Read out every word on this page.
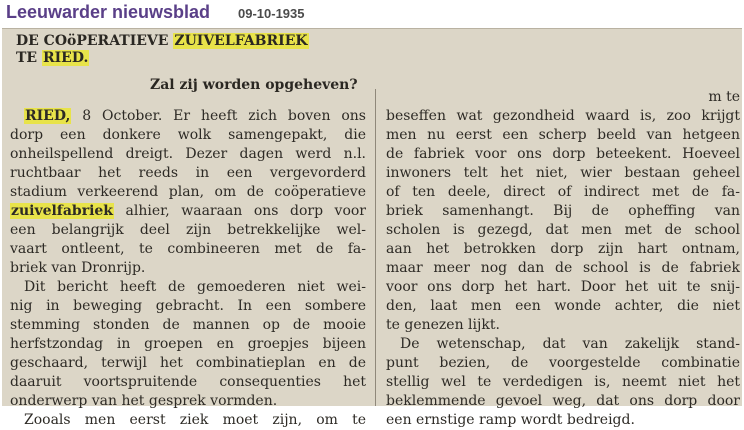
Leeuwarder nieuwsblad 09-10-1935
DE COöPERATIEVE ZUIVELFABRIEK
TE RIED.
Zal zij worden opgeheven?
RIED, 8 October. Er heeft zich boven ons
dorp een donkere wolk samengepakt, die
onheilspellend dreigt. Dezer dagen werd n.l.
ruchtbaar het reeds in een vergevorderd
stadium verkeerend plan, om de coöperatieve
zuivelfabriek alhier, waaraan ons dorp voor
een belangrijk deel zijn betrekkelijke wel-
vaart ontleent, te combineeren met de fa-
briek van Dronrijp.
Dit bericht heeft de gemoederen niet wei-
nig in beweging gebracht. In een sombere
stemming stonden de mannen op de mooie
herfstzondag in groepen en groepjes bijeen
geschaard, terwijl het combinatieplan en de
daaruit voortspruitende consequenties het
onderwerp van het gesprek vormden.
Zooals men eerst ziek moet zijn, om te
m te
beseffen wat gezondheid waard is, zoo krijgt
men nu eerst een scherp beeld van hetgeen
de fabriek voor ons dorp beteekent. Hoeveel
inwoners telt het niet, wier bestaan geheel
of ten deele, direct of indirect met de fa-
briek samenhangt. Bij de opheffing van
scholen is gezegd, dat men met de school
aan het betrokken dorp zijn hart ontnam,
maar meer nog dan de school is de fabriek
voor ons dorp het hart. Door het uit te snij-
den, laat men een wonde achter, die niet
te genezen lijkt.
De wetenschap, dat van zakelijk stand-
punt bezien, de voorgestelde combinatie
stellig wel te verdedigen is, neemt niet het
beklemmende gevoel weg, dat ons dorp door
een ernstige ramp wordt bedreigd.
